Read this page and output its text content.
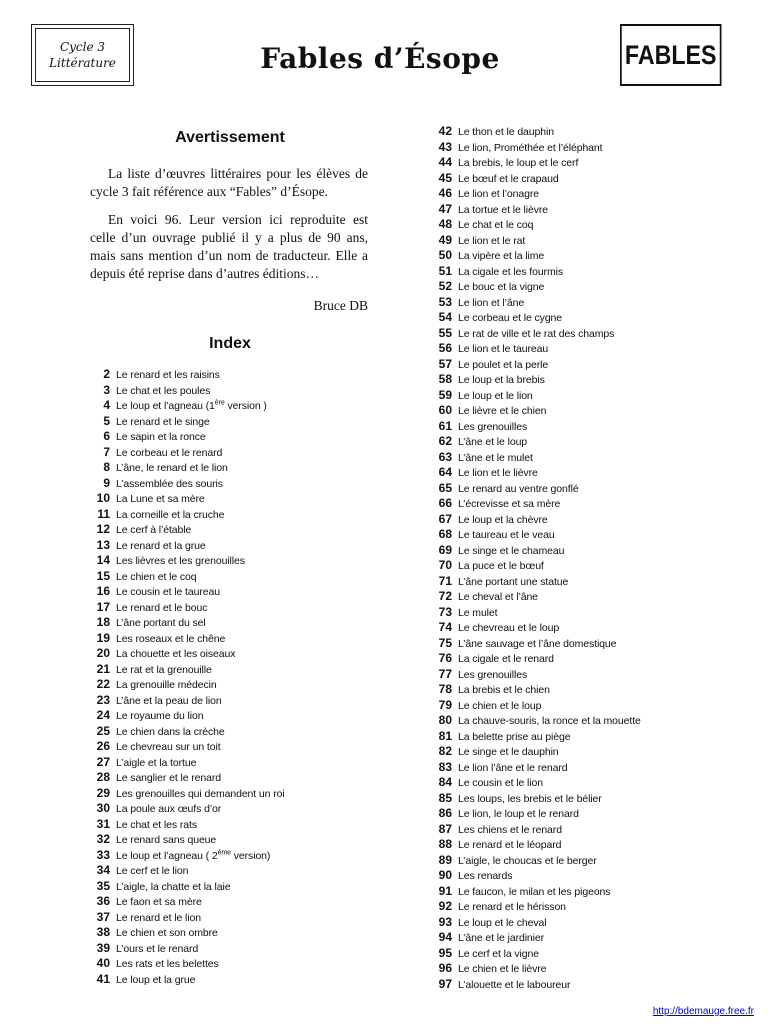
Cycle 3
Littérature	Fables d’Ésope	FABLES
Avertissement

La liste d’œuvres littéraires pour les élèves de cycle 3 fait référence aux “Fables” d’Ésope.

En voici 96. Leur version ici reproduite est celle d’un ouvrage publié il y a plus de 90 ans, mais sans mention d’un nom de traducteur. Elle a depuis été reprise dans d’autres éditions…

Bruce DB
Index
2 Le renard et les raisins
3 Le chat et les poules
4 Le loup et l’agneau (1ère version )
5 Le renard et le singe
6 Le sapin et la ronce
7 Le corbeau et le renard
8 L’âne, le renard et le lion
9 L’assemblée des souris
10 La Lune et sa mère
11 La corneille et la cruche
12 Le cerf à l’étable
13 Le renard et la grue
14 Les lièvres et les grenouilles
15 Le chien et le coq
16 Le cousin et le taureau
17 Le renard et le bouc
18 L’âne portant du sel
19 Les roseaux et le chêne
20 La chouette et les oiseaux
21 Le rat et la grenouille
22 La grenouille médecin
23 L’âne et la peau de lion
24 Le royaume du lion
25 Le chien dans la crèche
26 Le chevreau sur un toit
27 L’aigle et la tortue
28 Le sanglier et le renard
29 Les grenouilles qui demandent un roi
30 La poule aux œufs d’or
31 Le chat et les rats
32 Le renard sans queue
33 Le loup et l’agneau ( 2ème version)
34 Le cerf et le lion
35 L’aigle, la chatte et la laie
36 Le faon et sa mère
37 Le renard et le lion
38 Le chien et son ombre
39 L’ours et le renard
40 Les rats et les belettes
41 Le loup et la grue
42 Le thon et le dauphin
43 Le lion, Prométhée et l’éléphant
44 La brebis, le loup et le cerf
45 Le bœuf et le crapaud
46 Le lion et l’onagre
47 La tortue et le lièvre
48 Le chat et le coq
49 Le lion et le rat
50 La vipère et la lime
51 La cigale et les fourmis
52 Le bouc et la vigne
53 Le lion et l’âne
54 Le corbeau et le cygne
55 Le rat de ville et le rat des champs
56 Le lion et le taureau
57 Le poulet et la perle
58 Le loup et la brebis
59 Le loup et le lion
60 Le lièvre et le chien
61 Les grenouilles
62 L’âne et le loup
63 L’âne et le mulet
64 Le lion et le lièvre
65 Le renard au ventre gonflé
66 L’écrevisse et sa mère
67 Le loup et la chèvre
68 Le taureau et le veau
69 Le singe et le chameau
70 La puce et le bœuf
71 L’âne portant une statue
72 Le cheval et l’âne
73 Le mulet
74 Le chevreau et le loup
75 L’âne sauvage et l’âne domestique
76 La cigale et le renard
77 Les grenouilles
78 La brebis et le chien
79 Le chien et le loup
80 La chauve-souris, la ronce et la mouette
81 La belette prise au piège
82 Le singe et le dauphin
83 Le lion l’âne et le renard
84 Le cousin et le lion
85 Les loups, les brebis et le bélier
86 Le lion, le loup et le renard
87 Les chiens et le renard
88 Le renard et le léopard
89 L’aigle, le choucas et le berger
90 Les renards
91 Le faucon, le milan et les pigeons
92 Le renard et le hérisson
93 Le loup et le cheval
94 L’âne et le jardinier
95 Le cerf et la vigne
96 Le chien et le lièvre
97 L’alouette et le laboureur
http://bdemauge.free.fr
